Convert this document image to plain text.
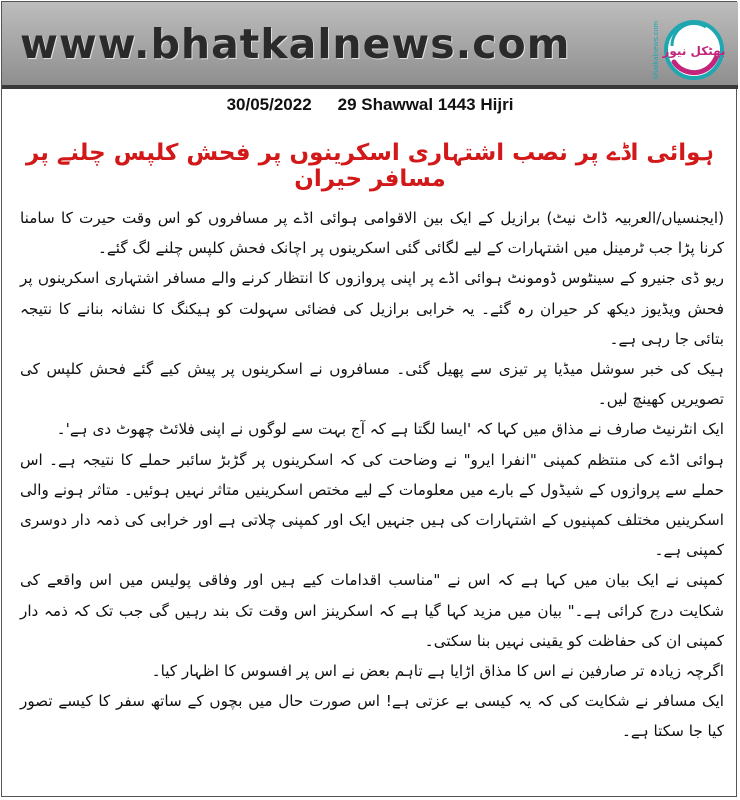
www.bhatkalnews.com	bhatkalnews.com بھٹکل نیوز
30/05/2022 29 Shawwal 1443 Hijri
ہوائی اڈے پر نصب اشتہاری اسکرینوں پر فحش کلپس چلنے پر مسافر حیران

(ایجنسیاں/العربیہ ڈاٹ نیٹ) برازیل کے ایک بین الاقوامی ہوائی اڈے پر مسافروں کو اس وقت حیرت کا سامنا کرنا پڑا جب ٹرمینل میں اشتہارات کے لیے لگائی گئی اسکرینوں پر اچانک فحش کلپس چلنے لگ گئے۔

ریو ڈی جنیرو کے سینٹوس ڈومونٹ ہوائی اڈے پر اپنی پروازوں کا انتظار کرنے والے مسافر اشتہاری اسکرینوں پر فحش ویڈیوز دیکھ کر حیران رہ گئے۔ یہ خرابی برازیل کی فضائی سہولت کو ہیکنگ کا نشانہ بنانے کا نتیجہ بتائی جا رہی ہے۔

ہیک کی خبر سوشل میڈیا پر تیزی سے پھیل گئی۔ مسافروں نے اسکرینوں پر پیش کیے گئے فحش کلپس کی تصویریں کھینچ لیں۔

ایک انٹرنیٹ صارف نے مذاق میں کہا کہ 'ایسا لگتا ہے کہ آج بہت سے لوگوں نے اپنی فلائٹ چھوٹ دی ہے'۔

ہوائی اڈے کی منتظم کمپنی "انفرا ایرو" نے وضاحت کی کہ اسکرینوں پر گڑبڑ سائبر حملے کا نتیجہ ہے۔ اس حملے سے پروازوں کے شیڈول کے بارے میں معلومات کے لیے مختص اسکرینیں متاثر نہیں ہوئیں۔ متاثر ہونے والی اسکرینیں مختلف کمپنیوں کے اشتہارات کی ہیں جنہیں ایک اور کمپنی چلاتی ہے اور خرابی کی ذمہ دار دوسری کمپنی ہے۔

کمپنی نے ایک بیان میں کہا ہے کہ اس نے "مناسب اقدامات کیے ہیں اور وفاقی پولیس میں اس واقعے کی شکایت درج کرائی ہے۔" بیان میں مزید کہا گیا ہے کہ اسکرینز اس وقت تک بند رہیں گی جب تک کہ ذمہ دار کمپنی ان کی حفاظت کو یقینی نہیں بنا سکتی۔

اگرچہ زیادہ تر صارفین نے اس کا مذاق اڑایا ہے تاہم بعض نے اس پر افسوس کا اظہار کیا۔

ایک مسافر نے شکایت کی کہ یہ کیسی بے عزتی ہے! اس صورت حال میں بچوں کے ساتھ سفر کا کیسے تصور کیا جا سکتا ہے۔
